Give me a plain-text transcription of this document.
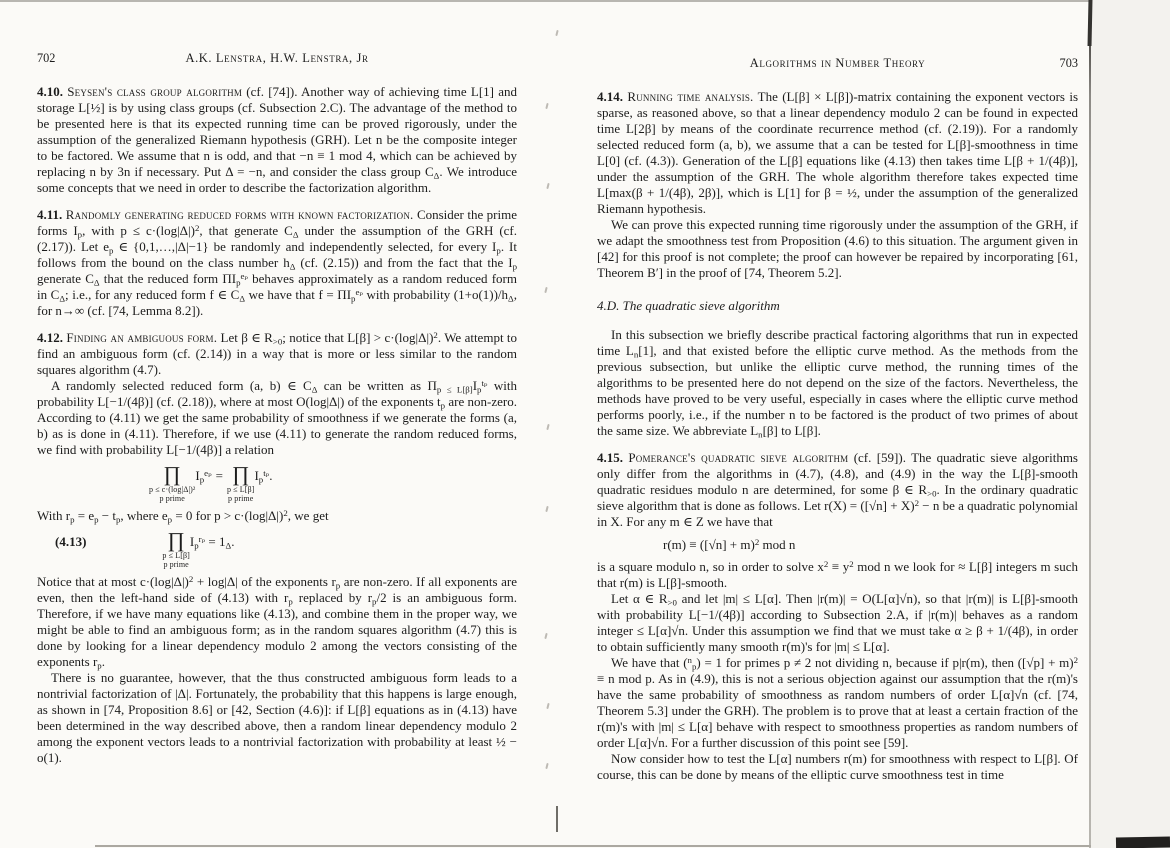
702	A.K. Lenstra, H.W. Lenstra, Jr

4.10. Seysen's class group algorithm (cf. [74]). Another way of achieving time L[1] and storage L[½] is by using class groups (cf. Subsection 2.C). The advantage of the method to be presented here is that its expected running time can be proved rigorously, under the assumption of the generalized Riemann hypothesis (GRH). Let n be the composite integer to be factored. We assume that n is odd, and that −n ≡ 1 mod 4, which can be achieved by replacing n by 3n if necessary. Put Δ = −n, and consider the class group $C_\Delta$. We introduce some concepts that we need in order to describe the factorization algorithm.

4.11. Randomly generating reduced forms with known factorization. Consider the prime forms $I_p$, with $p \le c\cdot(\log|\Delta|)^2$, that generate $C_\Delta$ under the assumption of the GRH (cf. (2.17)). Let $e_p$ ∈ {0,1,…,|Δ|−1} be randomly and independently selected, for every $I_p$. It follows from the bound on the class number $h_\Delta$ (cf. (2.15)) and from the fact that the $I_p$ generate $C_\Delta$ that the reduced form $\Pi I_p^{e_p}$ behaves approximately as a random reduced form in $C_\Delta$; i.e., for any reduced form f ∈ $C_\Delta$ we have that $f = \Pi I_p^{e_p}$ with probability $(1+o(1))/h_\Delta$, for n→∞ (cf. [74, Lemma 8.2]).

4.12. Finding an ambiguous form. Let β ∈ $R_{>0}$; notice that $L[\beta] > c\cdot(\log|\Delta|)^2$. We attempt to find an ambiguous form (cf. (2.14)) in a way that is more or less similar to the random squares algorithm (4.7).

A randomly selected reduced form (a, b) ∈ $C_\Delta$ can be written as $\Pi_{p \le L[\beta]}I_p^{t_p}$ with probability L[−1/(4β)] (cf. (2.18)), where at most O(log|Δ|) of the exponents $t_p$ are non-zero. According to (4.11) we get the same probability of smoothness if we generate the forms (a, b) as is done in (4.11). Therefore, if we use (4.11) to generate the random reduced forms, we find with probability L[−1/(4β)] a relation

∏
p ≤ c·(log|Δ|)²
p prime
$I_p^{e_p}$ = ∏
p ≤ L[β]
p prime
$I_p^{t_p}$.

With $r_p = e_p - t_p$, where $e_p = 0$ for $p > c\cdot(\log|\Delta|)^2$, we get

(4.13)	∏
p ≤ L[β]
p prime
$I_p^{r_p} = 1_\Delta$.

Notice that at most $c\cdot(\log|\Delta|)^2 + \log|\Delta|$ of the exponents $r_p$ are non-zero. If all exponents are even, then the left-hand side of (4.13) with $r_p$ replaced by $r_p/2$ is an ambiguous form. Therefore, if we have many equations like (4.13), and combine them in the proper way, we might be able to find an ambiguous form; as in the random squares algorithm (4.7) this is done by looking for a linear dependency modulo 2 among the vectors consisting of the exponents $r_p$.

There is no guarantee, however, that the thus constructed ambiguous form leads to a nontrivial factorization of |Δ|. Fortunately, the probability that this happens is large enough, as shown in [74, Proposition 8.6] or [42, Section (4.6)]: if L[β] equations as in (4.13) have been determined in the way described above, then a random linear dependency modulo 2 among the exponent vectors leads to a nontrivial factorization with probability at least ½ − o(1).

Algorithms in Number Theory	703

4.14. Running time analysis. The (L[β] × L[β])-matrix containing the exponent vectors is sparse, as reasoned above, so that a linear dependency modulo 2 can be found in expected time L[2β] by means of the coordinate recurrence method (cf. (2.19)). For a randomly selected reduced form (a, b), we assume that a can be tested for L[β]-smoothness in time L[0] (cf. (4.3)). Generation of the L[β] equations like (4.13) then takes time L[β + 1/(4β)], under the assumption of the GRH. The whole algorithm therefore takes expected time L[max(β + 1/(4β), 2β)], which is L[1] for β = ½, under the assumption of the generalized Riemann hypothesis.

We can prove this expected running time rigorously under the assumption of the GRH, if we adapt the smoothness test from Proposition (4.6) to this situation. The argument given in [42] for this proof is not complete; the proof can however be repaired by incorporating [61, Theorem B′] in the proof of [74, Theorem 5.2].

4.D. The quadratic sieve algorithm

In this subsection we briefly describe practical factoring algorithms that run in expected time $L_n[1]$, and that existed before the elliptic curve method. As the methods from the previous subsection, but unlike the elliptic curve method, the running times of the algorithms to be presented here do not depend on the size of the factors. Nevertheless, the methods have proved to be very useful, especially in cases where the elliptic curve method performs poorly, i.e., if the number n to be factored is the product of two primes of about the same size. We abbreviate $L_n[\beta]$ to L[β].

4.15. Pomerance's quadratic sieve algorithm (cf. [59]). The quadratic sieve algorithms only differ from the algorithms in (4.7), (4.8), and (4.9) in the way the L[β]-smooth quadratic residues modulo n are determined, for some β ∈ $R_{>0}$. In the ordinary quadratic sieve algorithm that is done as follows. Let $r(X) = ([√n] + X)^2 - n$ be a quadratic polynomial in X. For any m ∈ Z we have that

$r(m) \equiv ([√n] + m)^2$ mod n

is a square modulo n, so in order to solve $x^2 \equiv y^2$ mod n we look for ≈ L[β] integers m such that r(m) is L[β]-smooth.

Let α ∈ $R_{>0}$ and let |m| ≤ L[α]. Then |r(m)| = O(L[α]√n), so that |r(m)| is L[β]-smooth with probability L[−1/(4β)] according to Subsection 2.A, if |r(m)| behaves as a random integer ≤ L[α]√n. Under this assumption we find that we must take α ≥ β + 1/(4β), in order to obtain sufficiently many smooth r(m)'s for |m| ≤ L[α].

We have that ($^n_p$) = 1 for primes p ≠ 2 not dividing n, because if p|r(m), then $([√p] + m)^2 \equiv n$ mod p. As in (4.9), this is not a serious objection against our assumption that the r(m)'s have the same probability of smoothness as random numbers of order L[α]√n (cf. [74, Theorem 5.3] under the GRH). The problem is to prove that at least a certain fraction of the r(m)'s with |m| ≤ L[α] behave with respect to smoothness properties as random numbers of order L[α]√n. For a further discussion of this point see [59].

Now consider how to test the L[α] numbers r(m) for smoothness with respect to L[β]. Of course, this can be done by means of the elliptic curve smoothness test in time
